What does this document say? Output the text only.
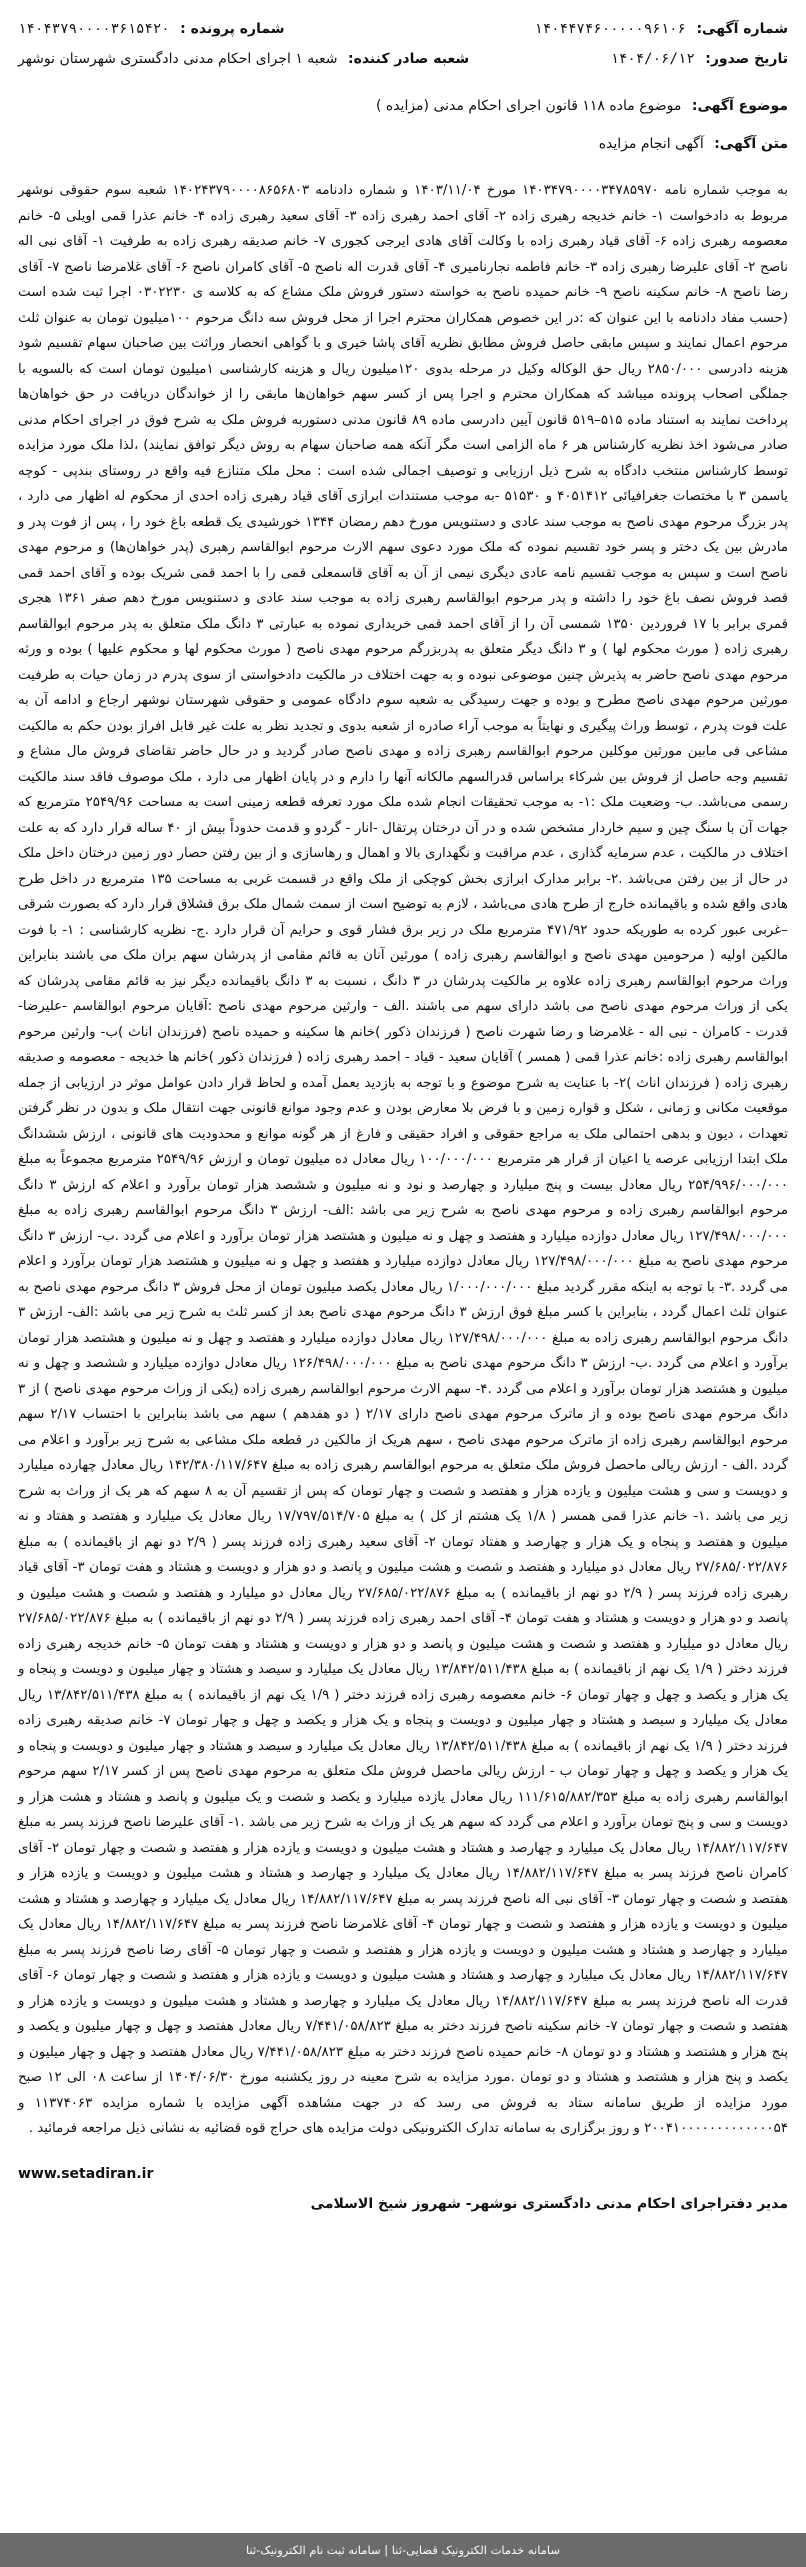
شماره آگهی: ۱۴۰۴۴۷۴۶۰۰۰۰۰۹۶۱۰۶
شماره پرونده : ۱۴۰۴۳۷۹۰۰۰۰۳۶۱۵۴۲۰
تاریخ صدور: ۱۴۰۴/۰۶/۱۲
شعبه صادر کننده: شعبه ۱ اجرای احکام مدنی دادگستری شهرستان نوشهر
موضوع آگهی: موضوع ماده ۱۱۸ قانون اجرای احکام مدنی (مزایده )
متن آگهی: آگهی انجام مزایده

به موجب شماره نامه ۱۴۰۳۴۷۹۰۰۰۰۳۴۷۸۵۹۷۰ مورخ ۱۴۰۳/۱۱/۰۴ و شماره دادنامه ۱۴۰۲۴۳۷۹۰۰۰۰۸۶۵۶۸۰۳ شعبه سوم حقوقی نوشهر مربوط به دادخواست ۱- خانم خدیجه رهبری زاده ۲- آقای احمد رهبری زاده ۳- آقای سعید رهبری زاده ۴- خانم عذرا قمی اویلی ۵- خانم معصومه رهبری زاده ۶- آقای قیاد رهبری زاده با وکالت آقای هادی ایرجی کجوری ۷- خانم صدیقه رهبری زاده به طرفیت ۱- آقای نبی اله ناصح ۲- آقای علیرضا رهبری زاده ۳- خانم فاطمه نجارنامیری ۴- آقای قدرت اله ناصح ۵- آقای کامران ناصح ۶- آقای غلامرضا ناصح ۷- آقای رضا ناصح ۸- خانم سکینه ناصح ۹- خانم حمیده ناصح به خواسته دستور فروش ملک مشاع که به کلاسه ی ۰۳۰۲۲۳۰ اجرا ثبت شده است (حسب مفاد دادنامه با این عنوان که :در این خصوص همکاران محترم اجرا از محل فروش سه دانگ مرحوم ۱۰۰میلیون تومان به عنوان ثلث مرحوم اعمال نمایند و سپس مابقی حاصل فروش مطابق نظریه آقای پاشا خیری و با گواهی انحصار وراثت بین صاحبان سهام تقسیم شود هزینه دادرسی ۲۸۵۰/۰۰۰ ریال حق الوکاله وکیل در مرحله بدوی ۱۲۰میلیون ریال و هزینه کارشناسی ۱میلیون تومان است که بالسویه با جملگی اصحاب پرونده میباشد که همکاران محترم و اجرا پس از کسر سهم خواهان‌ها مابقی را از خواندگان دریافت در حق خواهان‌ها پرداخت نمایند به استناد ماده ۵۱۵–۵۱۹ قانون آیین دادرسی ماده ۸۹ قانون مدنی دستوربه فروش ملک به شرح فوق در اجرای احکام مدنی صادر می‌شود اخذ نظریه کارشناس هر ۶ ماه الزامی است مگر آنکه همه صاحبان سهام به روش دیگر توافق نمایند) ،لذا ملک مورد مزایده توسط کارشناس منتخب دادگاه به شرح ذیل ارزیابی و توصیف اجمالی شده است : محل ملک متنازع فیه واقع در روستای بندپی - کوچه یاسمن ۳ با مختصات جغرافیائی ۴۰۵۱۴۱۲ و ۵۱۵۳۰ -به موجب مستندات ابرازی آقای قیاد رهبری زاده احدی از محکوم له اظهار می دارد ، پدر بزرگ مرحوم مهدی ناصح به موجب سند عادی و دستنویس مورخ دهم رمضان ۱۳۴۴ خورشیدی یک قطعه باغ خود را ، پس از فوت پدر و مادرش بین یک دختر و پسر خود تقسیم نموده که ملک مورد دعوی سهم الارث مرحوم ابوالقاسم رهبری (پدر خواهان‌ها) و مرحوم مهدی ناصح است و سپس به موجب تقسیم نامه عادی دیگری نیمی از آن به آقای قاسمعلی قمی را با احمد قمی شریک بوده و آقای احمد قمی قصد فروش نصف باغ خود را داشته و پدر مرحوم ابوالقاسم رهبری زاده به موجب سند عادی و دستنویس مورخ دهم صفر ۱۳۶۱ هجری قمری برابر با ۱۷ فروردین ۱۳۵۰ شمسی آن را از آقای احمد قمی خریداری نموده به عبارتی ۳ دانگ ملک متعلق به پدر مرحوم ابوالقاسم رهبری زاده ( مورث محکوم لها ) و ۳ دانگ دیگر متعلق به پدربزرگم مرحوم مهدی ناصح ( مورث محکوم لها و محکوم علیها ) بوده و ورثه مرحوم مهدی ناصح حاضر به پذیرش چنین موضوعی نبوده و به جهت اختلاف در مالکیت دادخواستی از سوی پدرم در زمان حیات به طرفیت مورثین مرحوم مهدی ناصح مطرح و بوده و جهت رسیدگی به شعبه سوم دادگاه عمومی و حقوقی شهرستان نوشهر ارجاع و ادامه آن به علت فوت پدرم ، توسط وراث پیگیری و نهایتاً به موجب آراء صادره از شعبه بدوی و تجدید نظر به علت غیر قابل افراز بودن حکم به مالکیت مشاعی فی مابین مورثین موکلین مرحوم ابوالقاسم رهبری زاده و مهدی ناصح صادر گردید و در حال حاضر تقاضای فروش مال مشاع و تقسیم وجه حاصل از فروش بین شرکاء براساس قدرالسهم مالکانه آنها را دارم و در پایان اظهار می دارد ، ملک موصوف فاقد سند مالکیت رسمی می‌باشد. ب- وضعیت ملک :۱- به موجب تحقیقات انجام شده ملک مورد تعرفه قطعه زمینی است به مساحت ۲۵۴۹/۹۶ مترمربع که جهات آن با سنگ چین و سیم خاردار مشخص شده و در آن درختان پرتقال -انار - گردو و قدمت حدوداً بیش از ۴۰ ساله قرار دارد که به علت اختلاف در مالکیت ، عدم سرمایه گذاری ، عدم مراقبت و نگهداری بالا و اهمال و رهاسازی و از بین رفتن حصار دور زمین درختان داخل ملک در حال از بین رفتن می‌باشد .۲- برابر مدارک ابرازی بخش کوچکی از ملک واقع در قسمت غربی به مساحت ۱۳۵ مترمربع در داخل طرح هادی واقع شده و باقیمانده خارج از طرح هادی می‌باشد ، لازم به توضیح است از سمت شمال ملک برق قشلاق قرار دارد که بصورت شرقی –غربی عبور کرده به طوریکه حدود ۴۷۱/۹۲ مترمربع ملک در زیر برق فشار قوی و حرایم آن قرار دارد .ج- نظریه کارشناسی : ۱- با فوت مالکین اولیه ( مرحومین مهدی ناصح و ابوالقاسم رهبری زاده ) مورثین آنان به قائم مقامی از پدرشان سهم بران ملک می باشند بنابراین وراث مرحوم ابوالقاسم رهبری زاده علاوه بر مالکیت پدرشان در ۳ دانگ ، نسبت به ۳ دانگ باقیمانده دیگر نیز به قائم مقامی پدرشان که یکی از وراث مرحوم مهدی ناصح می باشد دارای سهم می باشند .الف - وارثین مرحوم مهدی ناصح :آقایان مرحوم ابوالقاسم -علیرضا- قدرت - کامران - نبی اله - غلامرضا و رضا شهرت ناصح ( فرزندان ذکور )خانم ها سکینه و حمیده ناصح (فرزندان اناث )ب- وارثین مرحوم ابوالقاسم رهبری زاده :خانم عذرا قمی ( همسر ) آقایان سعید - قیاد - احمد رهبری زاده ( فرزندان ذکور )خانم ها خدیجه - معصومه و صدیقه رهبری زاده ( فرزندان اناث )۲- با عنایت به شرح موضوع و با توجه به بازدید بعمل آمده و لحاظ قرار دادن عوامل موثر در ارزیابی از جمله موقعیت مکانی و زمانی ، شکل و قواره زمین و با فرض بلا معارض بودن و عدم وجود موانع قانونی جهت انتقال ملک و بدون در نظر گرفتن تعهدات ، دیون و بدهی احتمالی ملک به مراجع حقوقی و افراد حقیقی و فارغ از هر گونه موانع و محدودیت های قانونی ، ارزش ششدانگ ملک ابتدا ارزیابی عرصه یا اعیان از قرار هر مترمربع ۱۰۰/۰۰۰/۰۰۰ ریال معادل ده میلیون تومان و ارزش ۲۵۴۹/۹۶ مترمربع مجموعاً به مبلغ ۲۵۴/۹۹۶/۰۰۰/۰۰۰ ریال معادل بیست و پنج میلیارد و چهارصد و نود و نه میلیون و ششصد هزار تومان برآورد و اعلام که ارزش ۳ دانگ مرحوم ابوالقاسم رهبری زاده و مرحوم مهدی ناصح به شرح زیر می باشد :الف- ارزش ۳ دانگ مرحوم ابوالقاسم رهبری زاده به مبلغ ۱۲۷/۴۹۸/۰۰۰/۰۰۰ ریال معادل دوازده میلیارد و هفتصد و چهل و نه میلیون و هشتصد هزار تومان برآورد و اعلام می گردد .ب- ارزش ۳ دانگ مرحوم مهدی ناصح به مبلغ ۱۲۷/۴۹۸/۰۰۰/۰۰۰ ریال معادل دوازده میلیارد و هفتصد و چهل و نه میلیون و هشتصد هزار تومان برآورد و اعلام می گردد .۳- با توجه به اینکه مقرر گردید مبلغ ۱/۰۰۰/۰۰۰/۰۰۰ ریال معادل یکصد میلیون تومان از محل فروش ۳ دانگ مرحوم مهدی ناصح به عنوان ثلث اعمال گردد ، بنابراین با کسر مبلغ فوق ارزش ۳ دانگ مرحوم مهدی ناصح بعد از کسر ثلث به شرح زیر می باشد :الف- ارزش ۳ دانگ مرحوم ابوالقاسم رهبری زاده به مبلغ ۱۲۷/۴۹۸/۰۰۰/۰۰۰ ریال معادل دوازده میلیارد و هفتصد و چهل و نه میلیون و هشتصد هزار تومان برآورد و اعلام می گردد .ب- ارزش ۳ دانگ مرحوم مهدی ناصح به مبلغ ۱۲۶/۴۹۸/۰۰۰/۰۰۰ ریال معادل دوازده میلیارد و ششصد و چهل و نه میلیون و هشتصد هزار تومان برآورد و اعلام می گردد .۴- سهم الارث مرحوم ابوالقاسم رهبری زاده (یکی از وراث مرحوم مهدی ناصح ) از ۳ دانگ مرحوم مهدی ناصح بوده و از ماترک مرحوم مهدی ناصح دارای ۲/۱۷ ( دو هفدهم ) سهم می باشد بنابراین با احتساب ۲/۱۷ سهم مرحوم ابوالقاسم رهبری زاده از ماترک مرحوم مهدی ناصح ، سهم هریک از مالکین در قطعه ملک مشاعی به شرح زیر برآورد و اعلام می گردد .الف - ارزش ریالی ماحصل فروش ملک متعلق به مرحوم ابوالقاسم رهبری زاده به مبلغ ۱۴۲/۳۸۰/۱۱۷/۶۴۷ ریال معادل چهارده میلیارد و دویست و سی و هشت میلیون و یازده هزار و هفتصد و شصت و چهار تومان که پس از تقسیم آن به ۸ سهم که هر یک از وراث به شرح زیر می باشد .۱- خانم عذرا قمی همسر ( ۱/۸ یک هشتم از کل ) به مبلغ ۱۷/۷۹۷/۵۱۴/۷۰۵ ریال معادل یک میلیارد و هفتصد و هفتاد و نه میلیون و هفتصد و پنجاه و یک هزار و چهارصد و هفتاد تومان ۲- آقای سعید رهبری زاده فرزند پسر ( ۲/۹ دو نهم از باقیمانده ) به مبلغ ۲۷/۶۸۵/۰۲۲/۸۷۶ ریال معادل دو میلیارد و هفتصد و شصت و هشت میلیون و پانصد و دو هزار و دویست و هشتاد و هفت تومان ۳- آقای قیاد رهبری زاده فرزند پسر ( ۲/۹ دو نهم از باقیمانده ) به مبلغ ۲۷/۶۸۵/۰۲۲/۸۷۶ ریال معادل دو میلیارد و هفتصد و شصت و هشت میلیون و پانصد و دو هزار و دویست و هشتاد و هفت تومان ۴- آقای احمد رهبری زاده فرزند پسر ( ۲/۹ دو نهم از باقیمانده ) به مبلغ ۲۷/۶۸۵/۰۲۲/۸۷۶ ریال معادل دو میلیارد و هفتصد و شصت و هشت میلیون و پانصد و دو هزار و دویست و هشتاد و هفت تومان ۵- خانم خدیجه رهبری زاده فرزند دختر ( ۱/۹ یک نهم از باقیمانده ) به مبلغ ۱۳/۸۴۲/۵۱۱/۴۳۸ ریال معادل یک میلیارد و سیصد و هشتاد و چهار میلیون و دویست و پنجاه و یک هزار و یکصد و چهل و چهار تومان ۶- خانم معصومه رهبری زاده فرزند دختر ( ۱/۹ یک نهم از باقیمانده ) به مبلغ ۱۳/۸۴۲/۵۱۱/۴۳۸ ریال معادل یک میلیارد و سیصد و هشتاد و چهار میلیون و دویست و پنجاه و یک هزار و یکصد و چهل و چهار تومان ۷- خانم صدیقه رهبری زاده فرزند دختر ( ۱/۹ یک نهم از باقیمانده ) به مبلغ ۱۳/۸۴۲/۵۱۱/۴۳۸ ریال معادل یک میلیارد و سیصد و هشتاد و چهار میلیون و دویست و پنجاه و یک هزار و یکصد و چهل و چهار تومان ب - ارزش ریالی ماحصل فروش ملک متعلق به مرحوم مهدی ناصح پس از کسر ۲/۱۷ سهم مرحوم ابوالقاسم رهبری زاده به مبلغ ۱۱۱/۶۱۵/۸۸۲/۳۵۳ ریال معادل یازده میلیارد و یکصد و شصت و یک میلیون و پانصد و هشتاد و هشت هزار و دویست و سی و پنج تومان برآورد و اعلام می گردد که سهم هر یک از وراث به شرح زیر می باشد .۱- آقای علیرضا ناصح فرزند پسر به مبلغ ۱۴/۸۸۲/۱۱۷/۶۴۷ ریال معادل یک میلیارد و چهارصد و هشتاد و هشت میلیون و دویست و یازده هزار و هفتصد و شصت و چهار تومان ۲- آقای کامران ناصح فرزند پسر به مبلغ ۱۴/۸۸۲/۱۱۷/۶۴۷ ریال معادل یک میلیارد و چهارصد و هشتاد و هشت میلیون و دویست و یازده هزار و هفتصد و شصت و چهار تومان ۳- آقای نبی اله ناصح فرزند پسر به مبلغ ۱۴/۸۸۲/۱۱۷/۶۴۷ ریال معادل یک میلیارد و چهارصد و هشتاد و هشت میلیون و دویست و یازده هزار و هفتصد و شصت و چهار تومان ۴- آقای غلامرضا ناصح فرزند پسر به مبلغ ۱۴/۸۸۲/۱۱۷/۶۴۷ ریال معادل یک میلیارد و چهارصد و هشتاد و هشت میلیون و دویست و یازده هزار و هفتصد و شصت و چهار تومان ۵- آقای رضا ناصح فرزند پسر به مبلغ ۱۴/۸۸۲/۱۱۷/۶۴۷ ریال معادل یک میلیارد و چهارصد و هشتاد و هشت میلیون و دویست و یازده هزار و هفتصد و شصت و چهار تومان ۶- آقای قدرت اله ناصح فرزند پسر به مبلغ ۱۴/۸۸۲/۱۱۷/۶۴۷ ریال معادل یک میلیارد و چهارصد و هشتاد و هشت میلیون و دویست و یازده هزار و هفتصد و شصت و چهار تومان ۷- خانم سکینه ناصح فرزند دختر به مبلغ ۷/۴۴۱/۰۵۸/۸۲۳ ریال معادل هفتصد و چهل و چهار میلیون و یکصد و پنج هزار و هشتصد و هشتاد و دو تومان ۸- خانم حمیده ناصح فرزند دختر به مبلغ ۷/۴۴۱/۰۵۸/۸۲۳ ریال معادل هفتصد و چهل و چهار میلیون و یکصد و پنج هزار و هشتصد و هشتاد و دو تومان .مورد مزایده به شرح معینه در روز یکشنبه مورخ ۱۴۰۴/۰۶/۳۰ از ساعت ۰۸ الی ۱۲ صبح مورد مزایده از طریق سامانه ستاد به فروش می رسد که در جهت مشاهده آگهی مزایده با شماره مزایده ۱۱۳۷۴۰۶۳ و ۲۰۰۴۱۰۰۰۰۰۰۰۰۰۰۰۰۰۵۴ و روز برگزاری به سامانه تدارک الکترونیکی دولت مزایده های حراج قوه قضائیه به نشانی ذیل مراجعه فرمائید .

www.setadiran.ir
مدیر دفتراجرای احکام مدنی دادگستری نوشهر- شهروز شیخ الاسلامی
سامانه خدمات الکترونیک قضایی-ثنا | سامانه ثبت نام الکترونیک-ثنا
